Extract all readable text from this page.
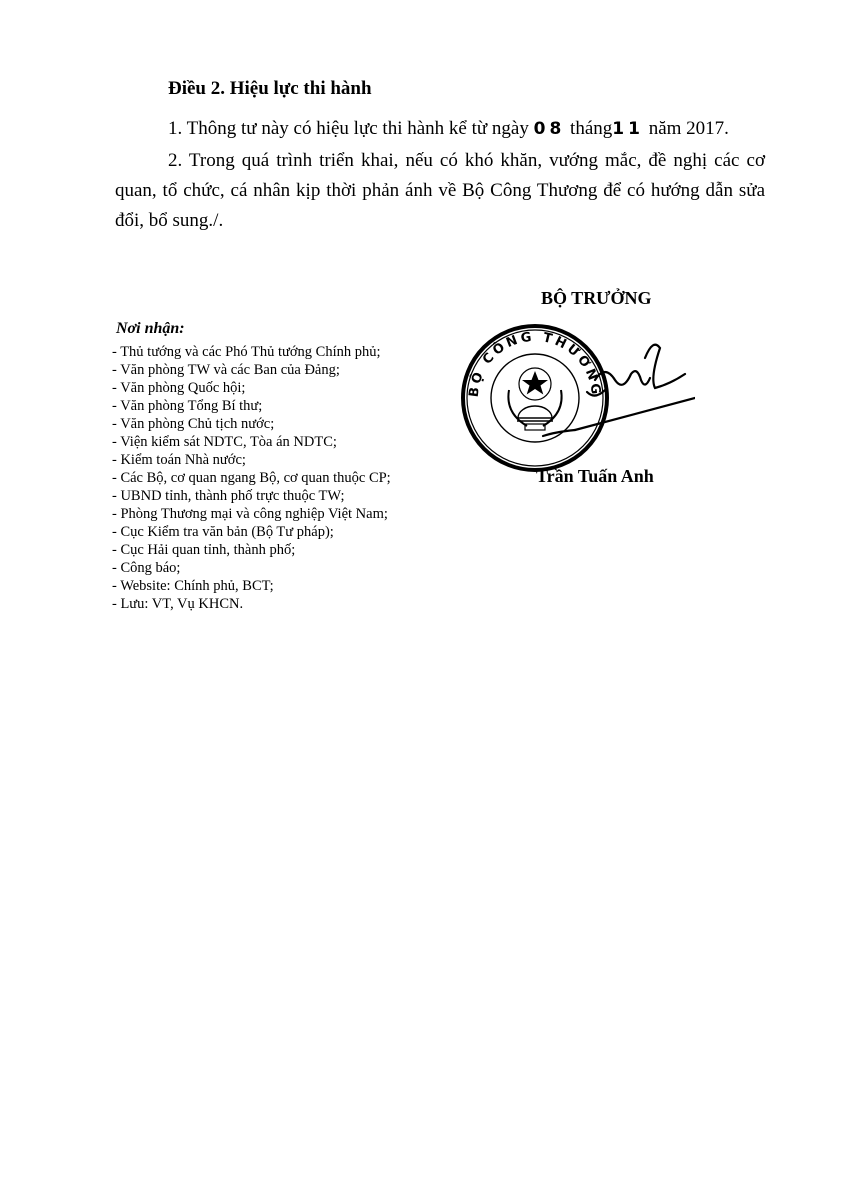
Điều 2. Hiệu lực thi hành
1. Thông tư này có hiệu lực thi hành kể từ ngày 08 tháng11 năm 2017.
2. Trong quá trình triển khai, nếu có khó khăn, vướng mắc, đề nghị các cơ quan, tổ chức, cá nhân kịp thời phản ánh về Bộ Công Thương để có hướng dẫn sửa đổi, bổ sung./.
BỘ TRƯỞNG
BỘ CÔNG THƯƠNG
Trần Tuấn Anh
Nơi nhận:
- Thủ tướng và các Phó Thủ tướng Chính phủ;
- Văn phòng TW và các Ban của Đảng;
- Văn phòng Quốc hội;
- Văn phòng Tổng Bí thư;
- Văn phòng Chủ tịch nước;
- Viện kiểm sát NDTC, Tòa án NDTC;
- Kiểm toán Nhà nước;
- Các Bộ, cơ quan ngang Bộ, cơ quan thuộc CP;
- UBND tỉnh, thành phố trực thuộc TW;
- Phòng Thương mại và công nghiệp Việt Nam;
- Cục Kiểm tra văn bản (Bộ Tư pháp);
- Cục Hải quan tỉnh, thành phố;
- Công báo;
- Website: Chính phủ, BCT;
- Lưu: VT, Vụ KHCN.
